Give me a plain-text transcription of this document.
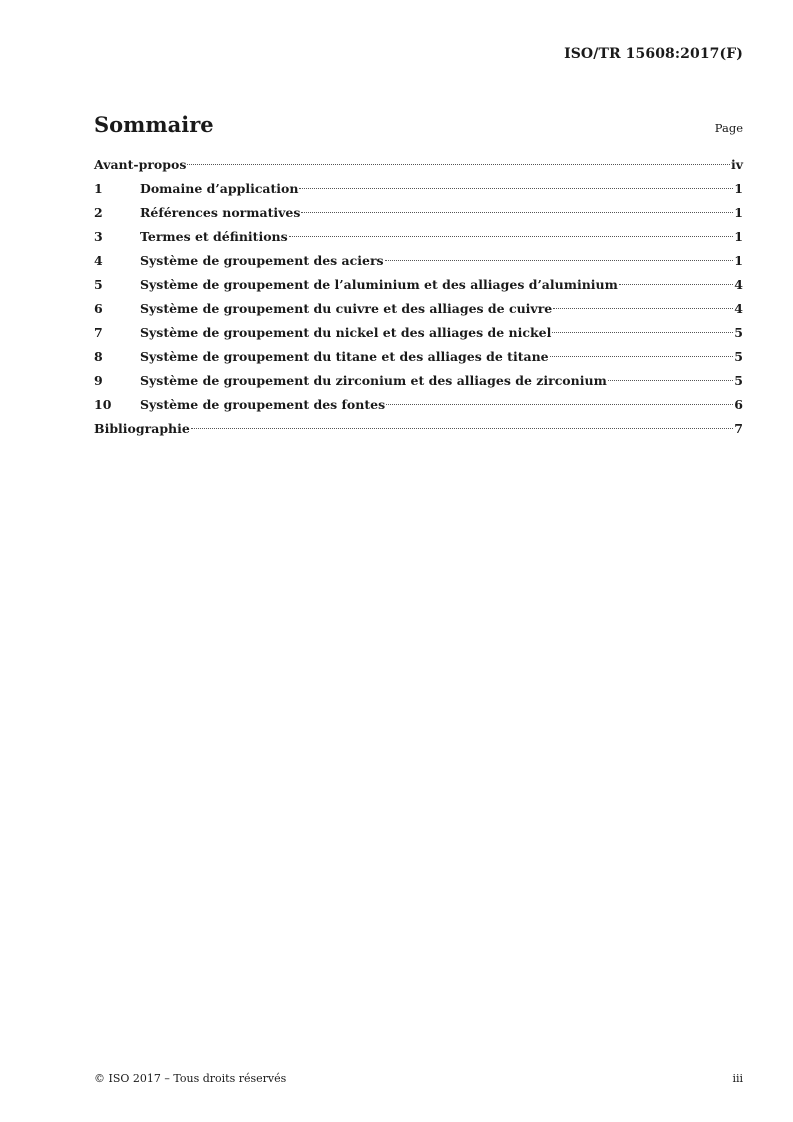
ISO/TR 15608:2017(F)
Sommaire	Page
Avant-propos	iv
1	Domaine d’application	1
2	Références normatives	1
3	Termes et définitions	1
4	Système de groupement des aciers	1
5	Système de groupement de l’aluminium et des alliages d’aluminium	4
6	Système de groupement du cuivre et des alliages de cuivre	4
7	Système de groupement du nickel et des alliages de nickel	5
8	Système de groupement du titane et des alliages de titane	5
9	Système de groupement du zirconium et des alliages de zirconium	5
10	Système de groupement des fontes	6
Bibliographie	7
© ISO 2017 – Tous droits réservés	iii
